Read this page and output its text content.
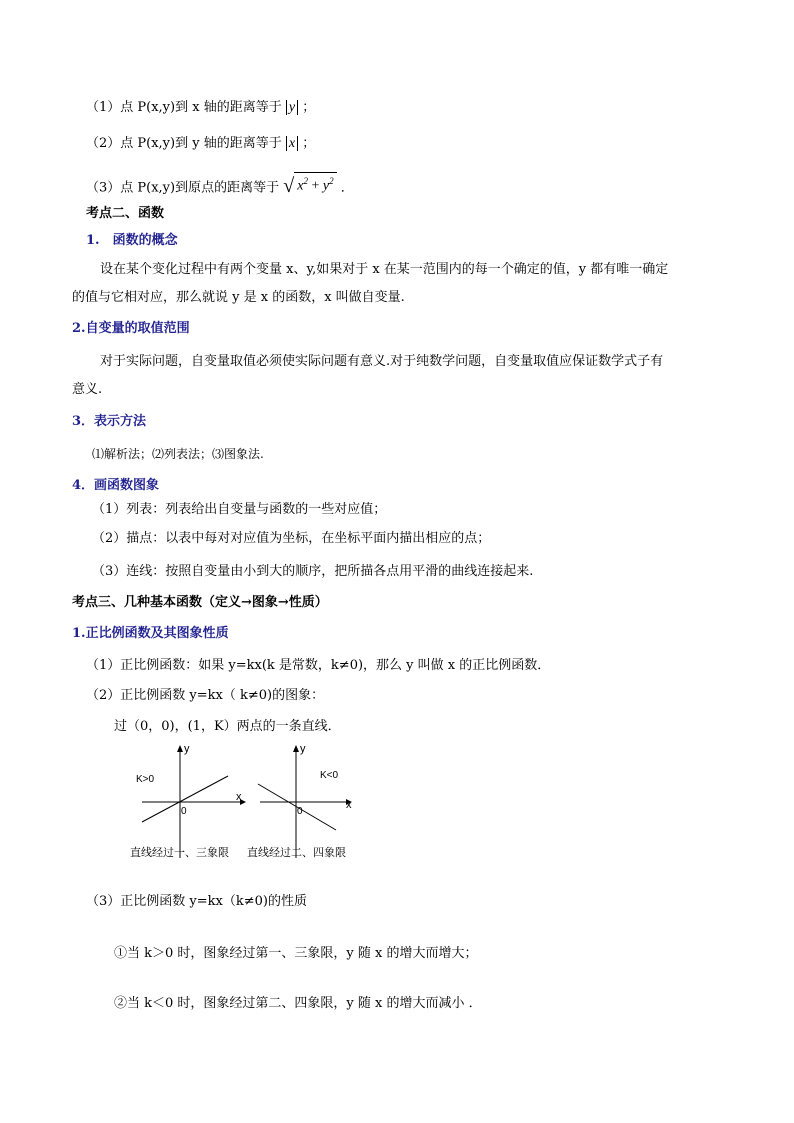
（1）点 P(x,y)到 x 轴的距离等于 y ；
（2）点 P(x,y)到 y 轴的距离等于 x ；
（3）点 P(x,y)到原点的距离等于 √ $x^2 + y^2$ ．
考点二、函数
1.　函数的概念
设在某个变化过程中有两个变量 x、y,如果对于 x 在某一范围内的每一个确定的值，y 都有唯一确定
的值与它相对应，那么就说 y 是 x 的函数，x 叫做自变量.
2.自变量的取值范围
对于实际问题，自变量取值必须使实际问题有意义.对于纯数学问题，自变量取值应保证数学式子有
意义.
3．表示方法
⑴解析法；⑵列表法；⑶图象法.
4．画函数图象
（1）列表：列表给出自变量与函数的一些对应值；
（2）描点：以表中每对对应值为坐标，在坐标平面内描出相应的点；
（3）连线：按照自变量由小到大的顺序，把所描各点用平滑的曲线连接起来.
考点三、几种基本函数（定义→图象→性质）
1.正比例函数及其图象性质
（1）正比例函数：如果 y=kx(k 是常数，k≠0)，那么 y 叫做 x 的正比例函数．
（2）正比例函数 y=kx（ k≠0)的图象：
过（0，0)，(1，K）两点的一条直线．
K>0
x
y
0
直线经过一、三象限
K<0
x
y
0
直线经过二、四象限
（3）正比例函数 y=kx（k≠0)的性质
①当 k＞0 时，图象经过第一、三象限，y 随 x 的增大而增大；
②当 k＜0 时，图象经过第二、四象限，y 随 x 的增大而减小 ．
